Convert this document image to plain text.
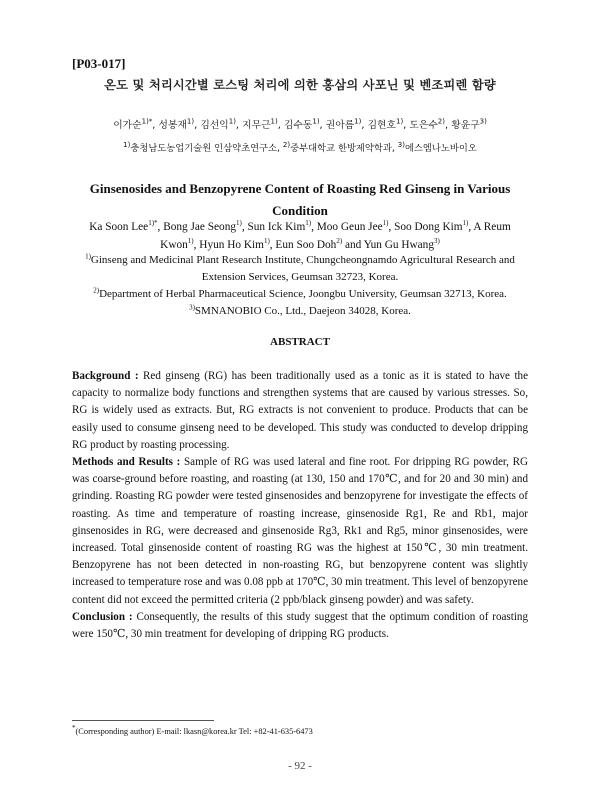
[P03-017]
온도 및 처리시간별 로스팅 처리에 의한 홍삼의 사포닌 및 벤조피렌 함량
이가순$^{1)*}$, 성봉재$^{1)}$, 김선익$^{1)}$, 지무근$^{1)}$, 김수동$^{1)}$, 권아름$^{1)}$, 김현호$^{1)}$, 도은수$^{2)}$, 황윤구$^{3)}$
$^{1)}$충청남도농업기술원 인삼약초연구소, $^{2)}$중부대학교 한방제약학과, $^{3)}$에스엠나노바이오
Ginsenosides and Benzopyrene Content of Roasting Red Ginseng in Various Condition
Ka Soon Lee$^{1)*}$, Bong Jae Seong$^{1)}$, Sun Ick Kim$^{1)}$, Moo Geun Jee$^{1)}$, Soo Dong Kim$^{1)}$, A Reum Kwon$^{1)}$, Hyun Ho Kim$^{1)}$, Eun Soo Doh$^{2)}$ and Yun Gu Hwang$^{3)}$
$^{1)}$Ginseng and Medicinal Plant Research Institute, Chungcheongnamdo Agricultural Research and Extension Services, Geumsan 32723, Korea.
$^{2)}$Department of Herbal Pharmaceutical Science, Joongbu University, Geumsan 32713, Korea.
$^{3)}$SMNANOBIO Co., Ltd., Daejeon 34028, Korea.
ABSTRACT

Background : Red ginseng (RG) has been traditionally used as a tonic as it is stated to have the capacity to normalize body functions and strengthen systems that are caused by various stresses. So, RG is widely used as extracts. But, RG extracts is not convenient to produce. Products that can be easily used to consume ginseng need to be developed. This study was conducted to develop dripping RG product by roasting processing.

Methods and Results : Sample of RG was used lateral and fine root. For dripping RG powder, RG was coarse-ground before roasting, and roasting (at 130, 150 and 170℃, and for 20 and 30 min) and grinding. Roasting RG powder were tested ginsenosides and benzopyrene for investigate the effects of roasting. As time and temperature of roasting increase, ginsenoside Rg1, Re and Rb1, major ginsenosides in RG, were decreased and ginsenoside Rg3, Rk1 and Rg5, minor ginsenosides, were increased. Total ginsenoside content of roasting RG was the highest at 150℃, 30 min treatment. Benzopyrene has not been detected in non-roasting RG, but benzopyrene content was slightly increased to temperature rose and was 0.08 ppb at 170℃, 30 min treatment. This level of benzopyrene content did not exceed the permitted criteria (2 ppb/black ginseng powder) and was safety.

Conclusion : Consequently, the results of this study suggest that the optimum condition of roasting were 150℃, 30 min treatment for developing of dripping RG products.

*(Corresponding author) E-mail: lkasn@korea.kr Tel: +82-41-635-6473
- 92 -
